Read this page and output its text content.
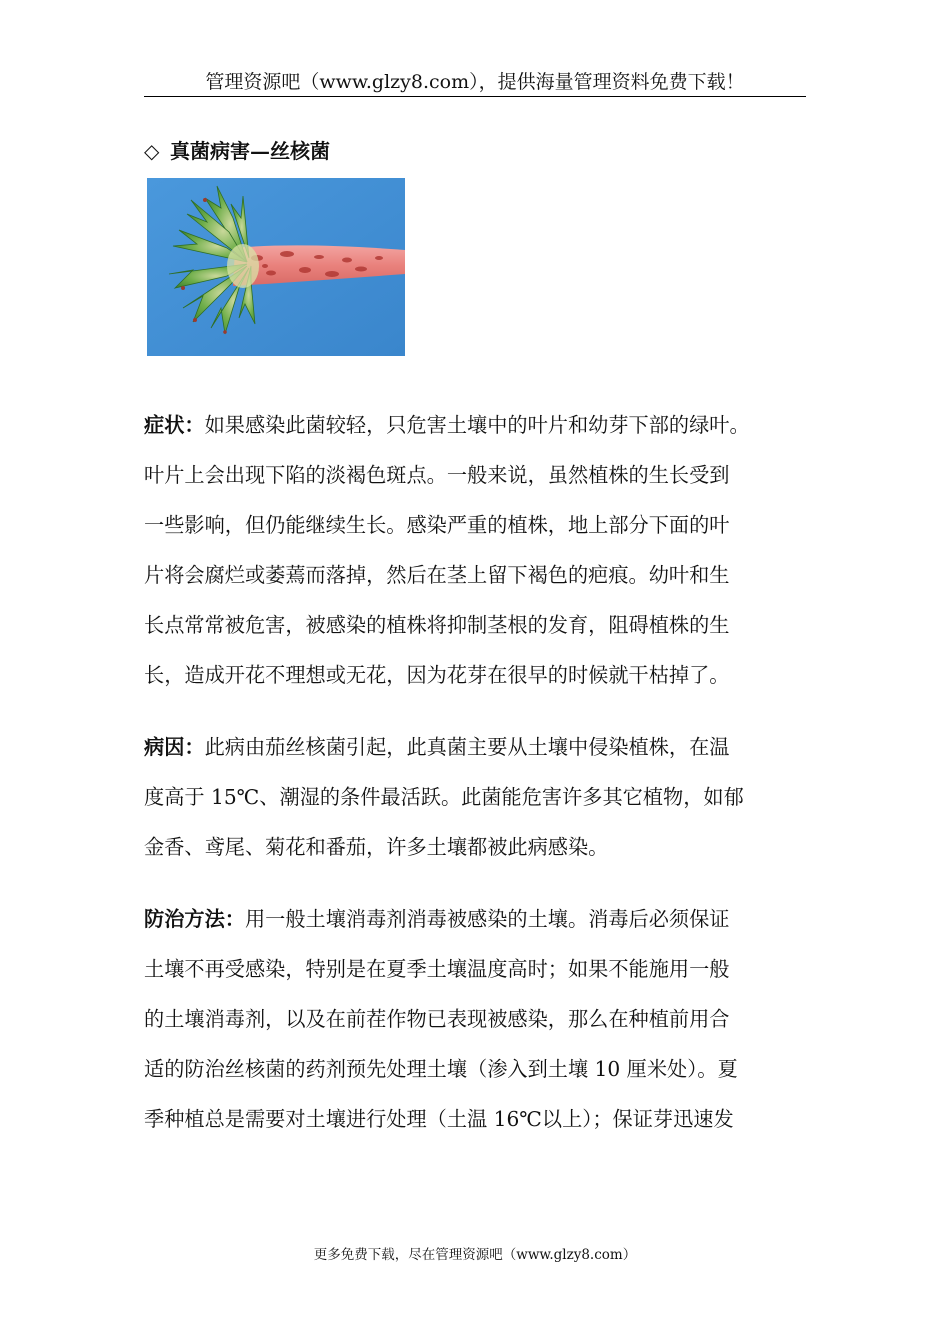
管理资源吧（www.glzy8.com），提供海量管理资料免费下载！
◇ 真菌病害—丝核菌
症状：如果感染此菌较轻，只危害土壤中的叶片和幼芽下部的绿叶。
叶片上会出现下陷的淡褐色斑点。一般来说，虽然植株的生长受到
一些影响，但仍能继续生长。感染严重的植株，地上部分下面的叶
片将会腐烂或萎蔫而落掉，然后在茎上留下褐色的疤痕。幼叶和生
长点常常被危害，被感染的植株将抑制茎根的发育，阻碍植株的生
长，造成开花不理想或无花，因为花芽在很早的时候就干枯掉了。
病因：此病由茄丝核菌引起，此真菌主要从土壤中侵染植株，在温
度高于 15℃、潮湿的条件最活跃。此菌能危害许多其它植物，如郁
金香、鸢尾、菊花和番茄，许多土壤都被此病感染。
防治方法：用一般土壤消毒剂消毒被感染的土壤。消毒后必须保证
土壤不再受感染，特别是在夏季土壤温度高时；如果不能施用一般
的土壤消毒剂，以及在前茬作物已表现被感染，那么在种植前用合
适的防治丝核菌的药剂预先处理土壤（渗入到土壤 10 厘米处）。夏
季种植总是需要对土壤进行处理（土温 16℃以上）；保证芽迅速发
更多免费下载，尽在管理资源吧（www.glzy8.com）
